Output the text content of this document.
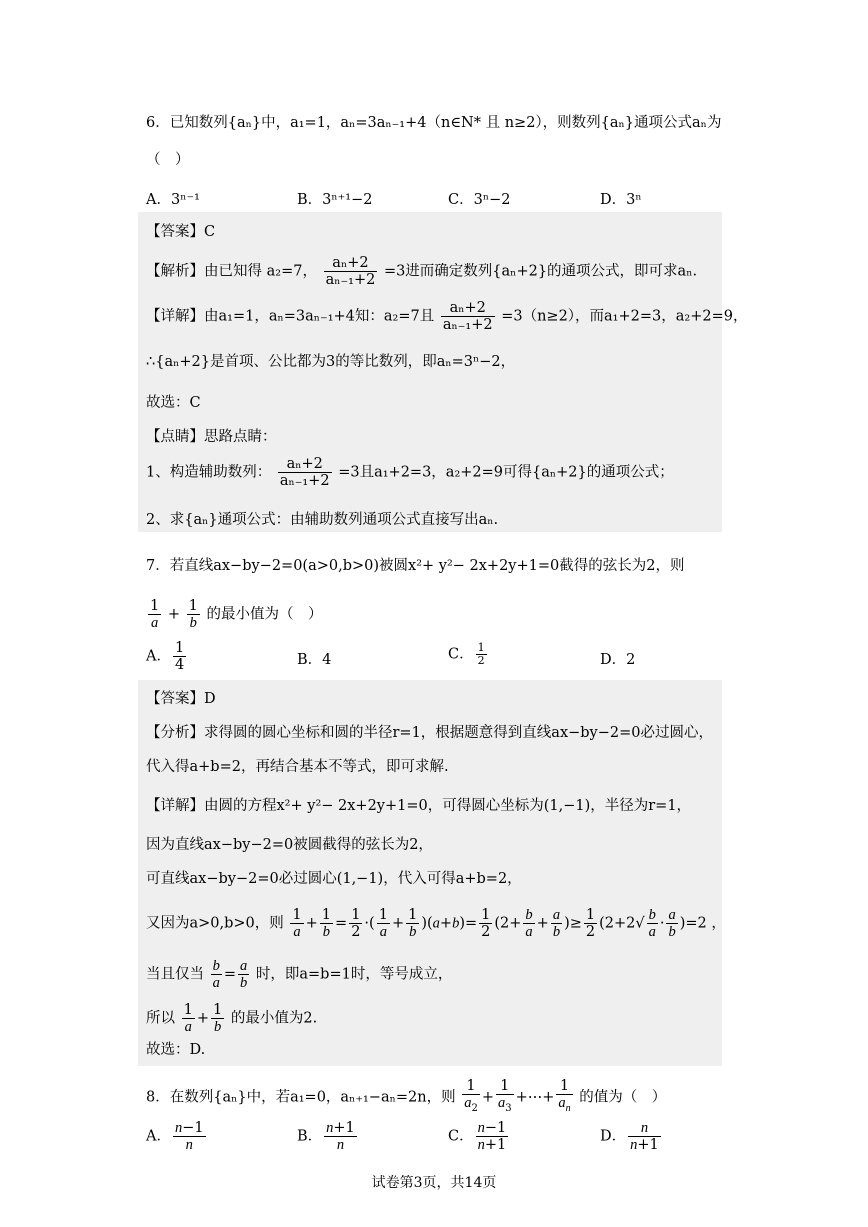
6．已知数列{aₙ}中，a₁=1，aₙ=3aₙ₋₁+4（n∈N* 且 n≥2），则数列{aₙ}通项公式aₙ为
（　）
A．3ⁿ⁻¹	B．3ⁿ⁺¹−2	C．3ⁿ−2	D．3ⁿ
【答案】C
【解析】由已知得 a₂=7， $\frac{\text{aₙ+2}}{\text{aₙ₋₁+2}} =3$进而确定数列{aₙ+2}的通项公式，即可求aₙ.
【详解】由a₁=1，aₙ=3aₙ₋₁+4知：a₂=7且 $\frac{\text{aₙ+2}}{\text{aₙ₋₁+2}} =3(n\ge 2)$，而a₁+2=3，a₂+2=9，
∴{aₙ+2}是首项、公比都为3的等比数列，即aₙ=3ⁿ−2，
故选：C
【点睛】思路点睛：
1、构造辅助数列： $\frac{\text{aₙ+2}}{\text{aₙ₋₁+2}} =3$且a₁+2=3，a₂+2=9可得{aₙ+2}的通项公式；
2、求{aₙ}通项公式：由辅助数列通项公式直接写出aₙ.
7．若直线ax−by−2=0(a>0,b>0)被圆x²+ y²− 2x+2y+1=0截得的弦长为2，则
$\frac{1}{a} + \frac{1}{b}$ 的最小值为（　）
A． $\frac{1}{4}$	B．4	C． $\frac{1}{2}$	D．2
【答案】D
【分析】求得圆的圆心坐标和圆的半径r=1，根据题意得到直线ax−by−2=0必过圆心，
代入得a+b=2，再结合基本不等式，即可求解.
【详解】由圆的方程x²+ y²− 2x+2y+1=0，可得圆心坐标为(1,−1)，半径为r=1，
因为直线ax−by−2=0被圆截得的弦长为2，
可直线ax−by−2=0必过圆心(1,−1)，代入可得a+b=2，
又因为a>0,b>0，则 $\frac{1}{a} + \frac{1}{b} = \frac{1}{2}$ ·( $\frac{1}{a} + \frac{1}{b} )(a+b)= \frac{1}{2} (2+ \frac{b}{a} + \frac{a}{b}$ )≥ $\frac{1}{2} (2+2√ \frac{b}{a} \cdot \frac{a}{b} )=2$ ，
当且仅当 $\frac{b}{a} = \frac{a}{b}$ 时，即a=b=1时，等号成立，
所以 $\frac{1}{a} + \frac{1}{b}$ 的最小值为2.
故选：D.
8．在数列{aₙ}中，若a₁=0，aₙ₊₁−aₙ=2n，则 $\frac{1}{a_2} + \frac{1}{a_3}$ +⋯+ $\frac{1}{a_n}$ 的值为（　）
A． $\frac{n-1}{n}$	B． $\frac{n+1}{n}$	C． $\frac{n-1}{n+1}$	D． $\frac{n}{n+1}$
试卷第3页，共14页
